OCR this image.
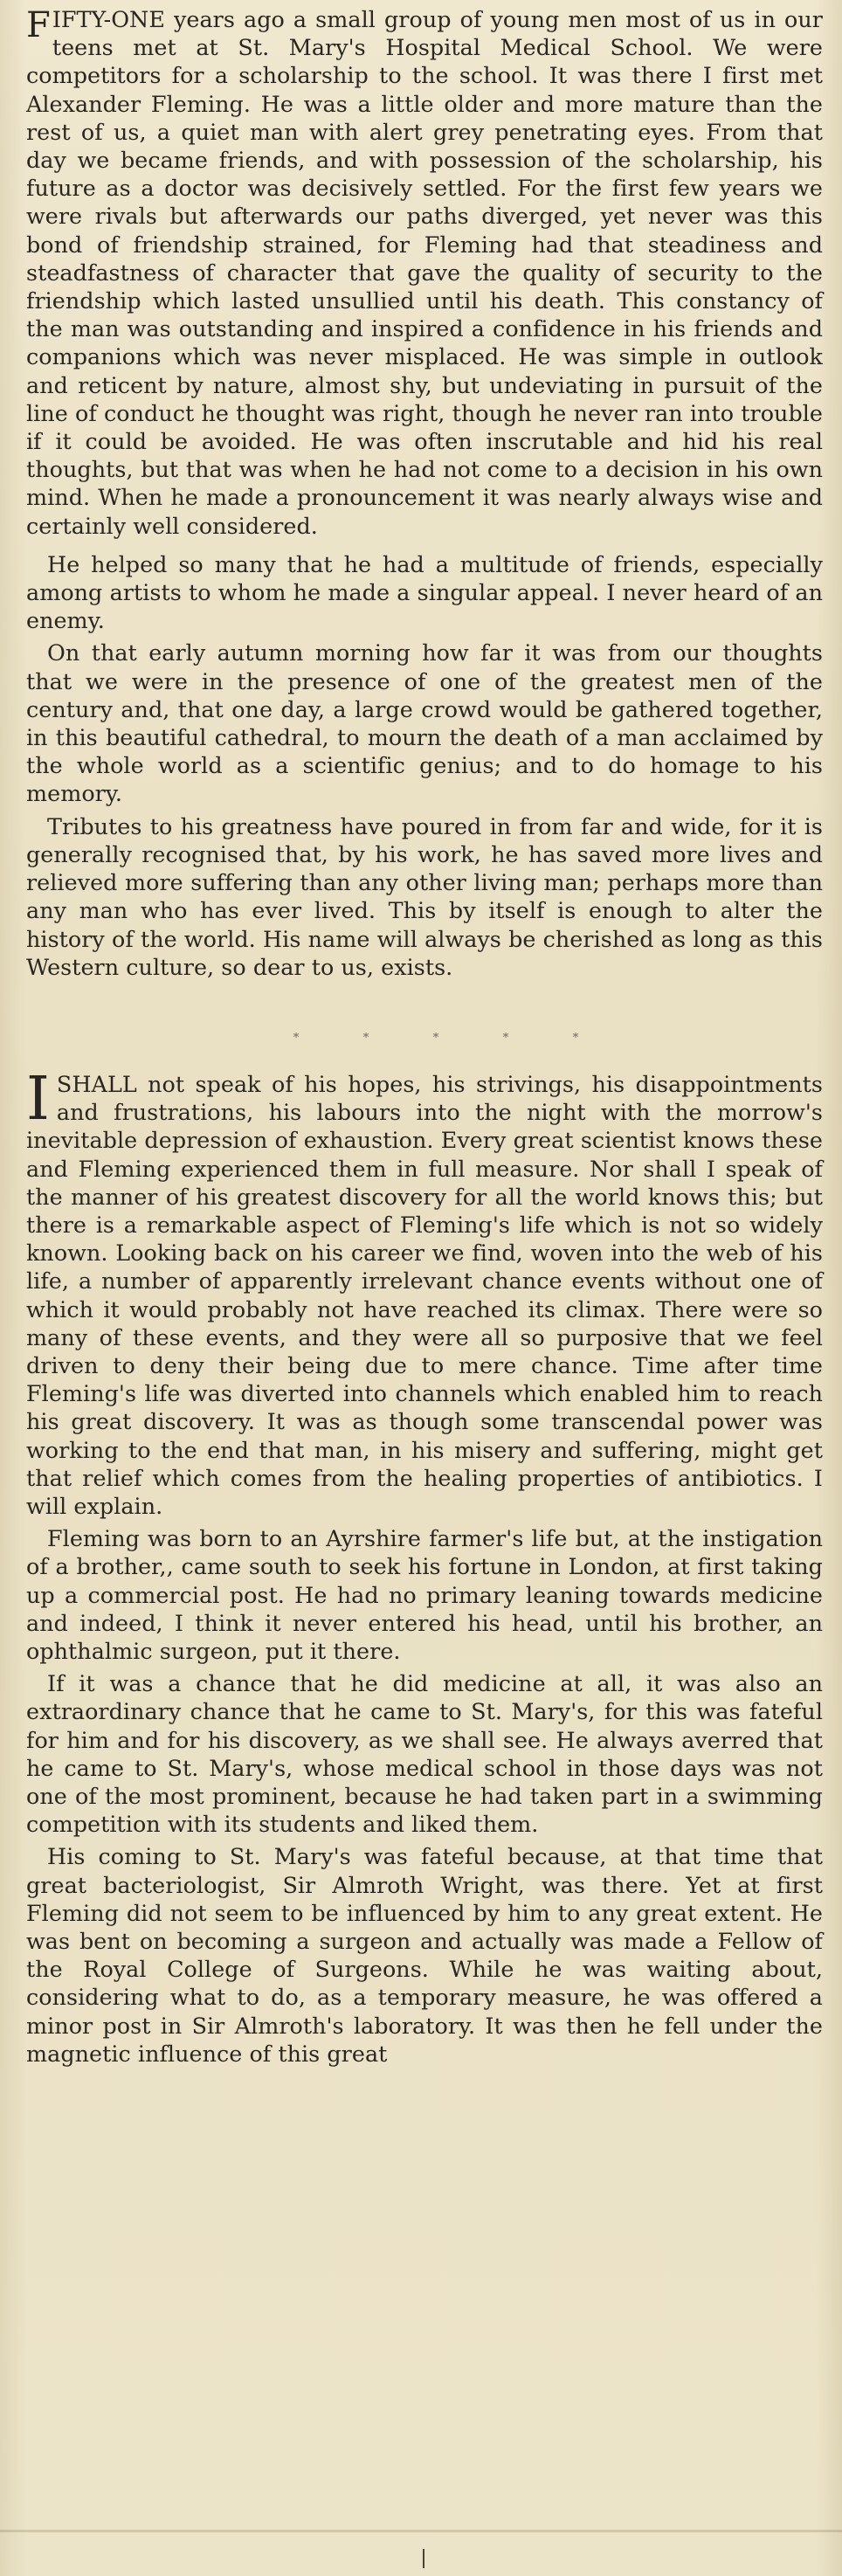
FIFTY-ONE years ago a small group of young men most of us in our teens met at St. Mary's Hospital Medical School. We were competitors for a scholarship to the school. It was there I first met Alexander Fleming. He was a little older and more mature than the rest of us, a quiet man with alert grey penetrating eyes. From that day we became friends, and with possession of the scholarship, his future as a doctor was decisively settled. For the first few years we were rivals but afterwards our paths diverged, yet never was this bond of friendship strained, for Fleming had that steadiness and steadfastness of character that gave the quality of security to the friendship which lasted unsullied until his death. This constancy of the man was outstanding and inspired a confidence in his friends and companions which was never misplaced. He was simple in outlook and reticent by nature, almost shy, but undeviating in pursuit of the line of conduct he thought was right, though he never ran into trouble if it could be avoided. He was often inscrutable and hid his real thoughts, but that was when he had not come to a decision in his own mind. When he made a pronouncement it was nearly always wise and certainly well considered.

He helped so many that he had a multitude of friends, especially among artists to whom he made a singular appeal. I never heard of an enemy.

On that early autumn morning how far it was from our thoughts that we were in the presence of one of the greatest men of the century and, that one day, a large crowd would be gathered together, in this beautiful cathedral, to mourn the death of a man acclaimed by the whole world as a scientific genius; and to do homage to his memory.

Tributes to his greatness have poured in from far and wide, for it is generally recognised that, by his work, he has saved more lives and relieved more suffering than any other living man; perhaps more than any man who has ever lived. This by itself is enough to alter the history of the world. His name will always be cherished as long as this Western culture, so dear to us, exists.

*	*	*	*	*

ISHALL not speak of his hopes, his strivings, his disappointments and frustrations, his labours into the night with the morrow's inevitable depression of exhaustion. Every great scientist knows these and Fleming experienced them in full measure. Nor shall I speak of the manner of his greatest discovery for all the world knows this; but there is a remarkable aspect of Fleming's life which is not so widely known. Looking back on his career we find, woven into the web of his life, a number of apparently irrelevant chance events without one of which it would probably not have reached its climax. There were so many of these events, and they were all so purposive that we feel driven to deny their being due to mere chance. Time after time Fleming's life was diverted into channels which enabled him to reach his great discovery. It was as though some transcendal power was working to the end that man, in his misery and suffering, might get that relief which comes from the healing properties of antibiotics. I will explain.

Fleming was born to an Ayrshire farmer's life but, at the instigation of a brother,, came south to seek his fortune in London, at first taking up a commercial post. He had no primary leaning towards medicine and indeed, I think it never entered his head, until his brother, an ophthalmic surgeon, put it there.

If it was a chance that he did medicine at all, it was also an extraordinary chance that he came to St. Mary's, for this was fateful for him and for his discovery, as we shall see. He always averred that he came to St. Mary's, whose medical school in those days was not one of the most prominent, because he had taken part in a swimming competition with its students and liked them.

His coming to St. Mary's was fateful because, at that time that great bacteriologist, Sir Almroth Wright, was there. Yet at first Fleming did not seem to be influenced by him to any great extent. He was bent on becoming a surgeon and actually was made a Fellow of the Royal College of Surgeons. While he was waiting about, considering what to do, as a temporary measure, he was offered a minor post in Sir Almroth's laboratory. It was then he fell under the magnetic influence of this great
